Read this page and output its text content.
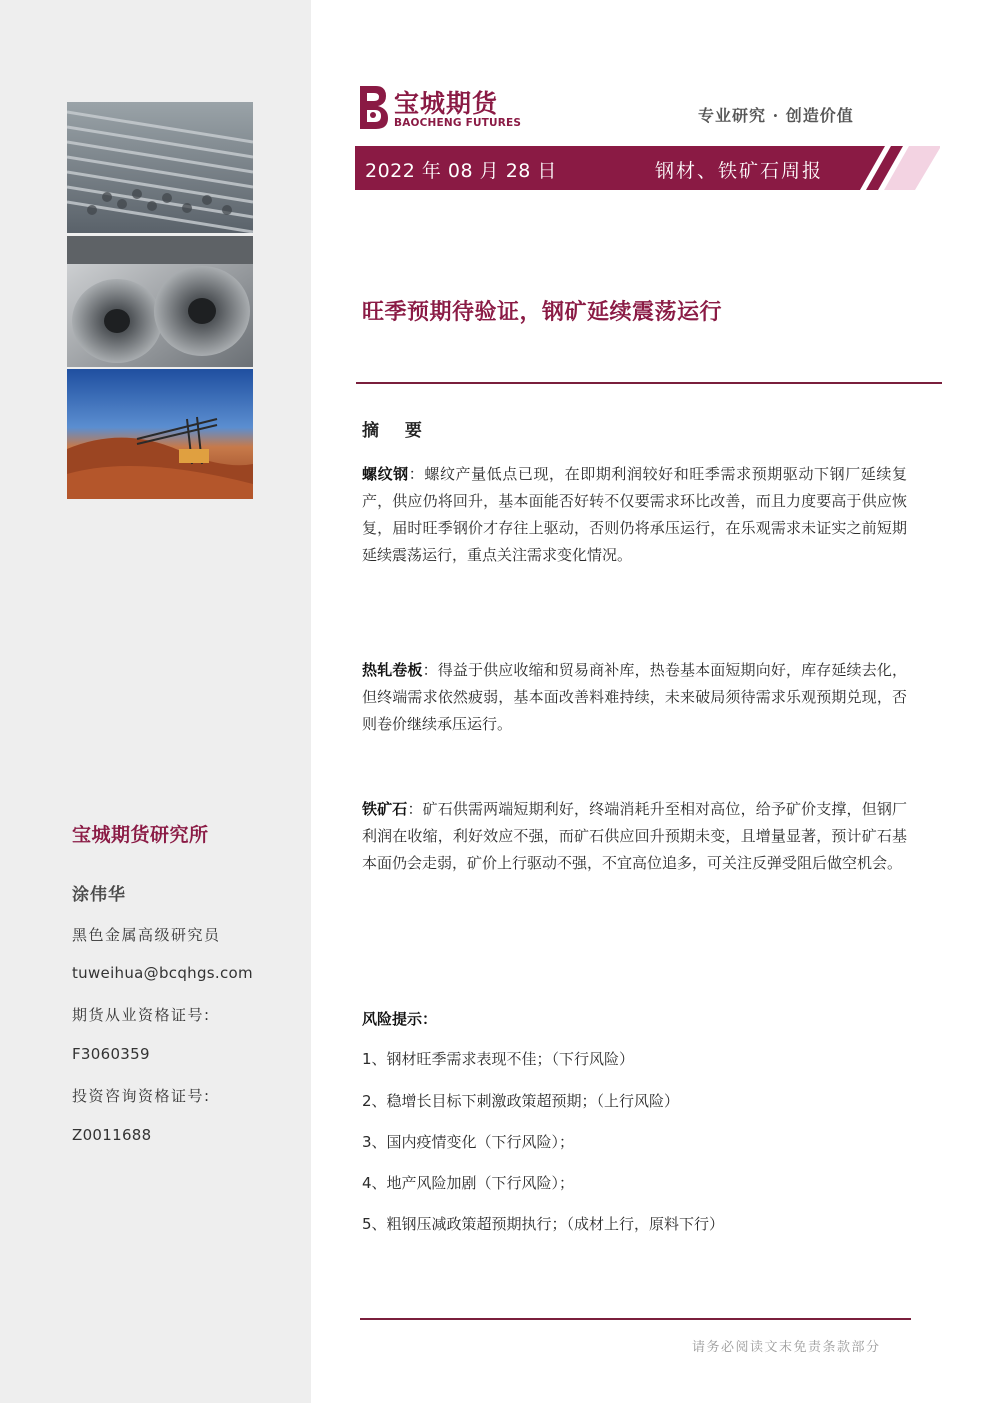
宝城期货研究所
涂伟华
黑色金属高级研究员
tuweihua@bcqhgs.com
期货从业资格证号:
F3060359
投资咨询资格证号:
Z0011688
宝城期货
BAOCHENG FUTURES	专业研究 · 创造价值
2022 年 08 月 28 日	钢材、铁矿石周报
旺季预期待验证，钢矿延续震荡运行
摘 要
螺纹钢：螺纹产量低点已现，在即期利润较好和旺季需求预期驱动下钢厂延续复产，供应仍将回升，基本面能否好转不仅要需求环比改善，而且力度要高于供应恢复，届时旺季钢价才存往上驱动，否则仍将承压运行，在乐观需求未证实之前短期延续震荡运行，重点关注需求变化情况。
热轧卷板：得益于供应收缩和贸易商补库，热卷基本面短期向好，库存延续去化，但终端需求依然疲弱，基本面改善料难持续，未来破局须待需求乐观预期兑现，否则卷价继续承压运行。
铁矿石：矿石供需两端短期利好，终端消耗升至相对高位，给予矿价支撑，但钢厂利润在收缩，利好效应不强，而矿石供应回升预期未变，且增量显著，预计矿石基本面仍会走弱，矿价上行驱动不强，不宜高位追多，可关注反弹受阻后做空机会。
风险提示：
1、钢材旺季需求表现不佳；（下行风险）
2、稳增长目标下刺激政策超预期；（上行风险）
3、国内疫情变化（下行风险）；
4、地产风险加剧（下行风险）；
5、粗钢压减政策超预期执行；（成材上行，原料下行）
请务必阅读文末免责条款部分
